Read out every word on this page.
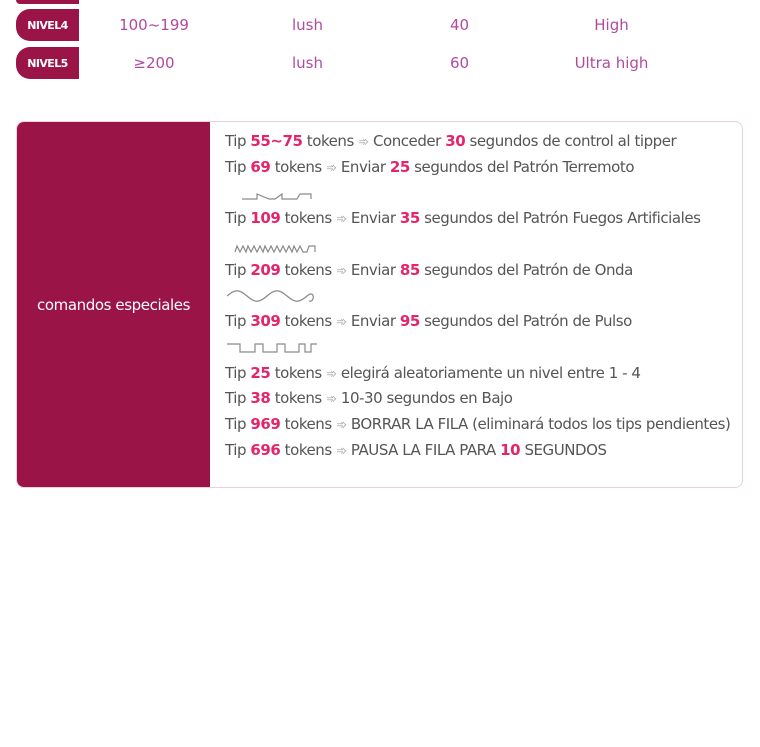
NIVEL4	100~199	lush	40	High
NIVEL5	≥200	lush	60	Ultra high
comandos especiales
Tip 55~75 tokens ➾ Conceder 30 segundos de control al tipper
Tip 69 tokens ➾ Enviar 25 segundos del Patrón Terremoto
Tip 109 tokens ➾ Enviar 35 segundos del Patrón Fuegos Artificiales
Tip 209 tokens ➾ Enviar 85 segundos del Patrón de Onda
Tip 309 tokens ➾ Enviar 95 segundos del Patrón de Pulso
Tip 25 tokens ➾ elegirá aleatoriamente un nivel entre 1 - 4
Tip 38 tokens ➾ 10-30 segundos en Bajo
Tip 969 tokens ➾ BORRAR LA FILA (eliminará todos los tips pendientes)
Tip 696 tokens ➾ PAUSA LA FILA PARA 10 SEGUNDOS
